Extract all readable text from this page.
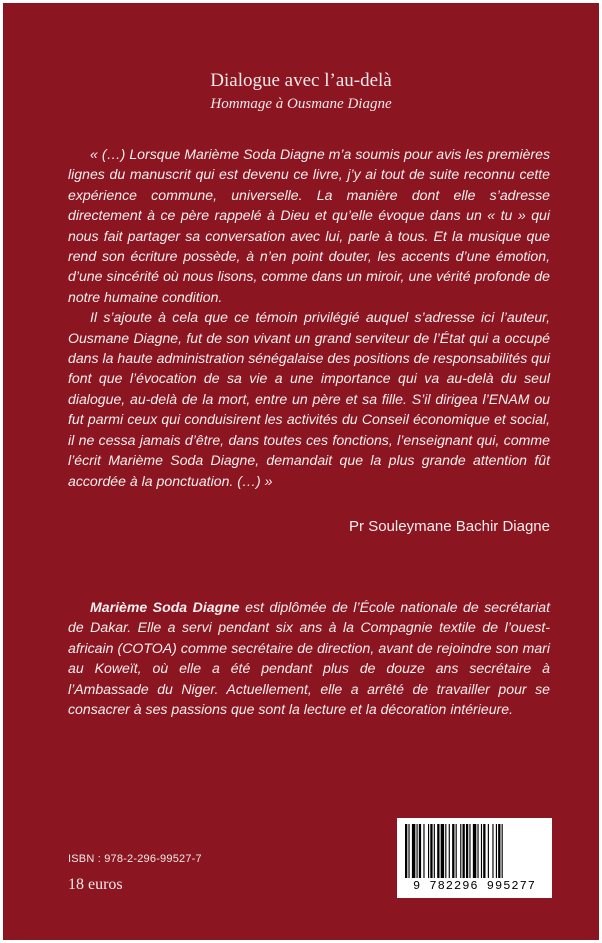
Dialogue avec l’au-delà
Hommage à Ousmane Diagne

« (…) Lorsque Marième Soda Diagne m’a soumis pour avis les premières lignes du manuscrit qui est devenu ce livre, j’y ai tout de suite reconnu cette expérience commune, universelle. La manière dont elle s’adresse directement à ce père rappelé à Dieu et qu’elle évoque dans un « tu » qui nous fait partager sa conversation avec lui, parle à tous. Et la musique que rend son écriture possède, à n’en point douter, les accents d’une émotion, d’une sincérité où nous lisons, comme dans un miroir, une vérité profonde de notre humaine condition.

Il s’ajoute à cela que ce témoin privilégié auquel s’adresse ici l’auteur, Ousmane Diagne, fut de son vivant un grand serviteur de l’État qui a occupé dans la haute administration sénégalaise des positions de responsabilités qui font que l’évocation de sa vie a une importance qui va au-delà du seul dialogue, au-delà de la mort, entre un père et sa fille. S’il dirigea l’ENAM ou fut parmi ceux qui conduisirent les activités du Conseil économique et social, il ne cessa jamais d’être, dans toutes ces fonctions, l’enseignant qui, comme l’écrit Marième Soda Diagne, demandait que la plus grande attention fût accordée à la ponctuation. (…) »

Pr Souleymane Bachir Diagne
Marième Soda Diagne est diplômée de l’École nationale de secrétariat de Dakar. Elle a servi pendant six ans à la Compagnie textile de l’ouest-africain (COTOA) comme secrétaire de direction, avant de rejoindre son mari au Koweït, où elle a été pendant plus de douze ans secrétaire à l’Ambassade du Niger. Actuellement, elle a arrêté de travailler pour se consacrer à ses passions que sont la lecture et la décoration intérieure.
ISBN : 978-2-296-99527-7
18 euros	9 782296 995277
